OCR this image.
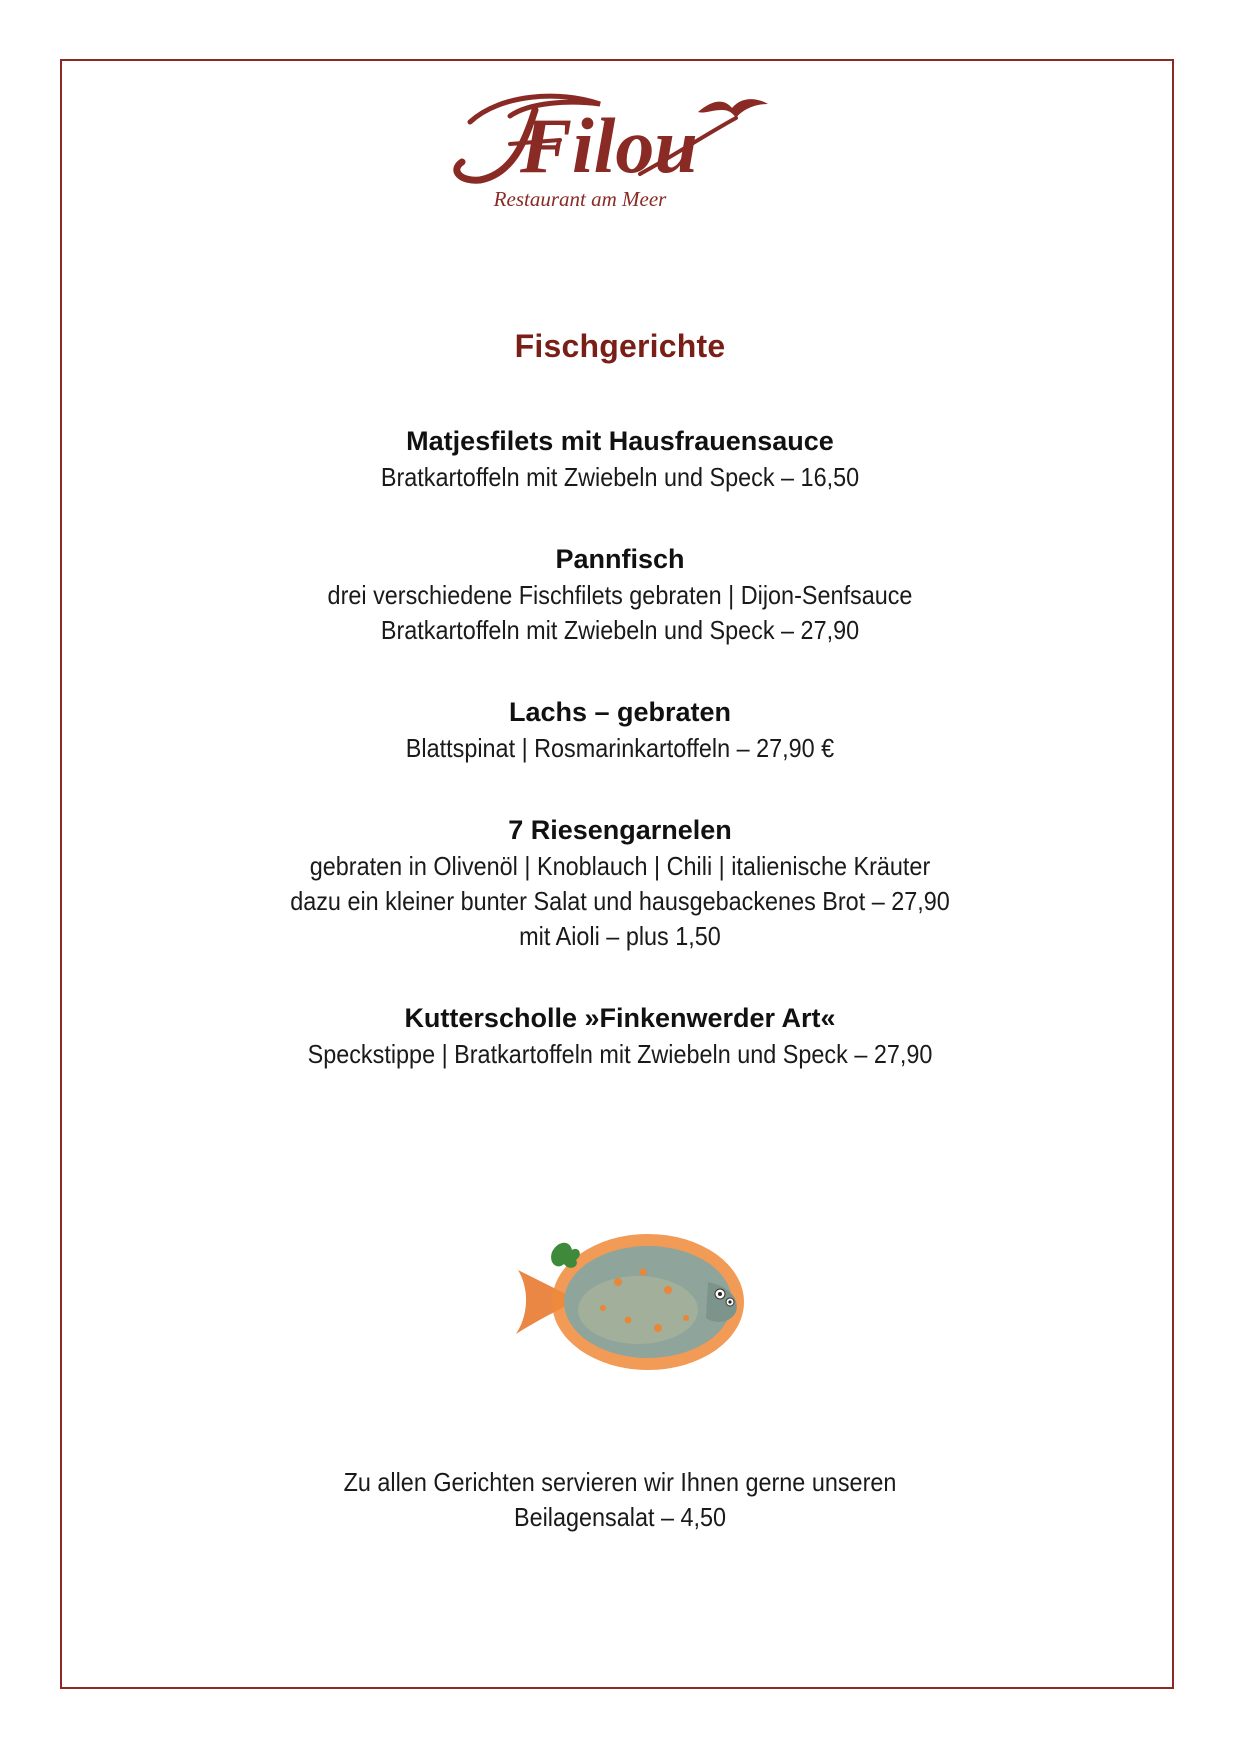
Filou
Restaurant am Meer
Fischgerichte
Matjesfilets mit Hausfrauensauce
Bratkartoffeln mit Zwiebeln und Speck – 16,50
Pannfisch
drei verschiedene Fischfilets gebraten | Dijon-Senfsauce
Bratkartoffeln mit Zwiebeln und Speck – 27,90
Lachs – gebraten
Blattspinat | Rosmarinkartoffeln – 27,90 €
7 Riesengarnelen
gebraten in Olivenöl | Knoblauch | Chili | italienische Kräuter
dazu ein kleiner bunter Salat und hausgebackenes Brot – 27,90
mit Aioli – plus 1,50
Kutterscholle »Finkenwerder Art«
Speckstippe | Bratkartoffeln mit Zwiebeln und Speck – 27,90
Zu allen Gerichten servieren wir Ihnen gerne unseren
Beilagensalat – 4,50
